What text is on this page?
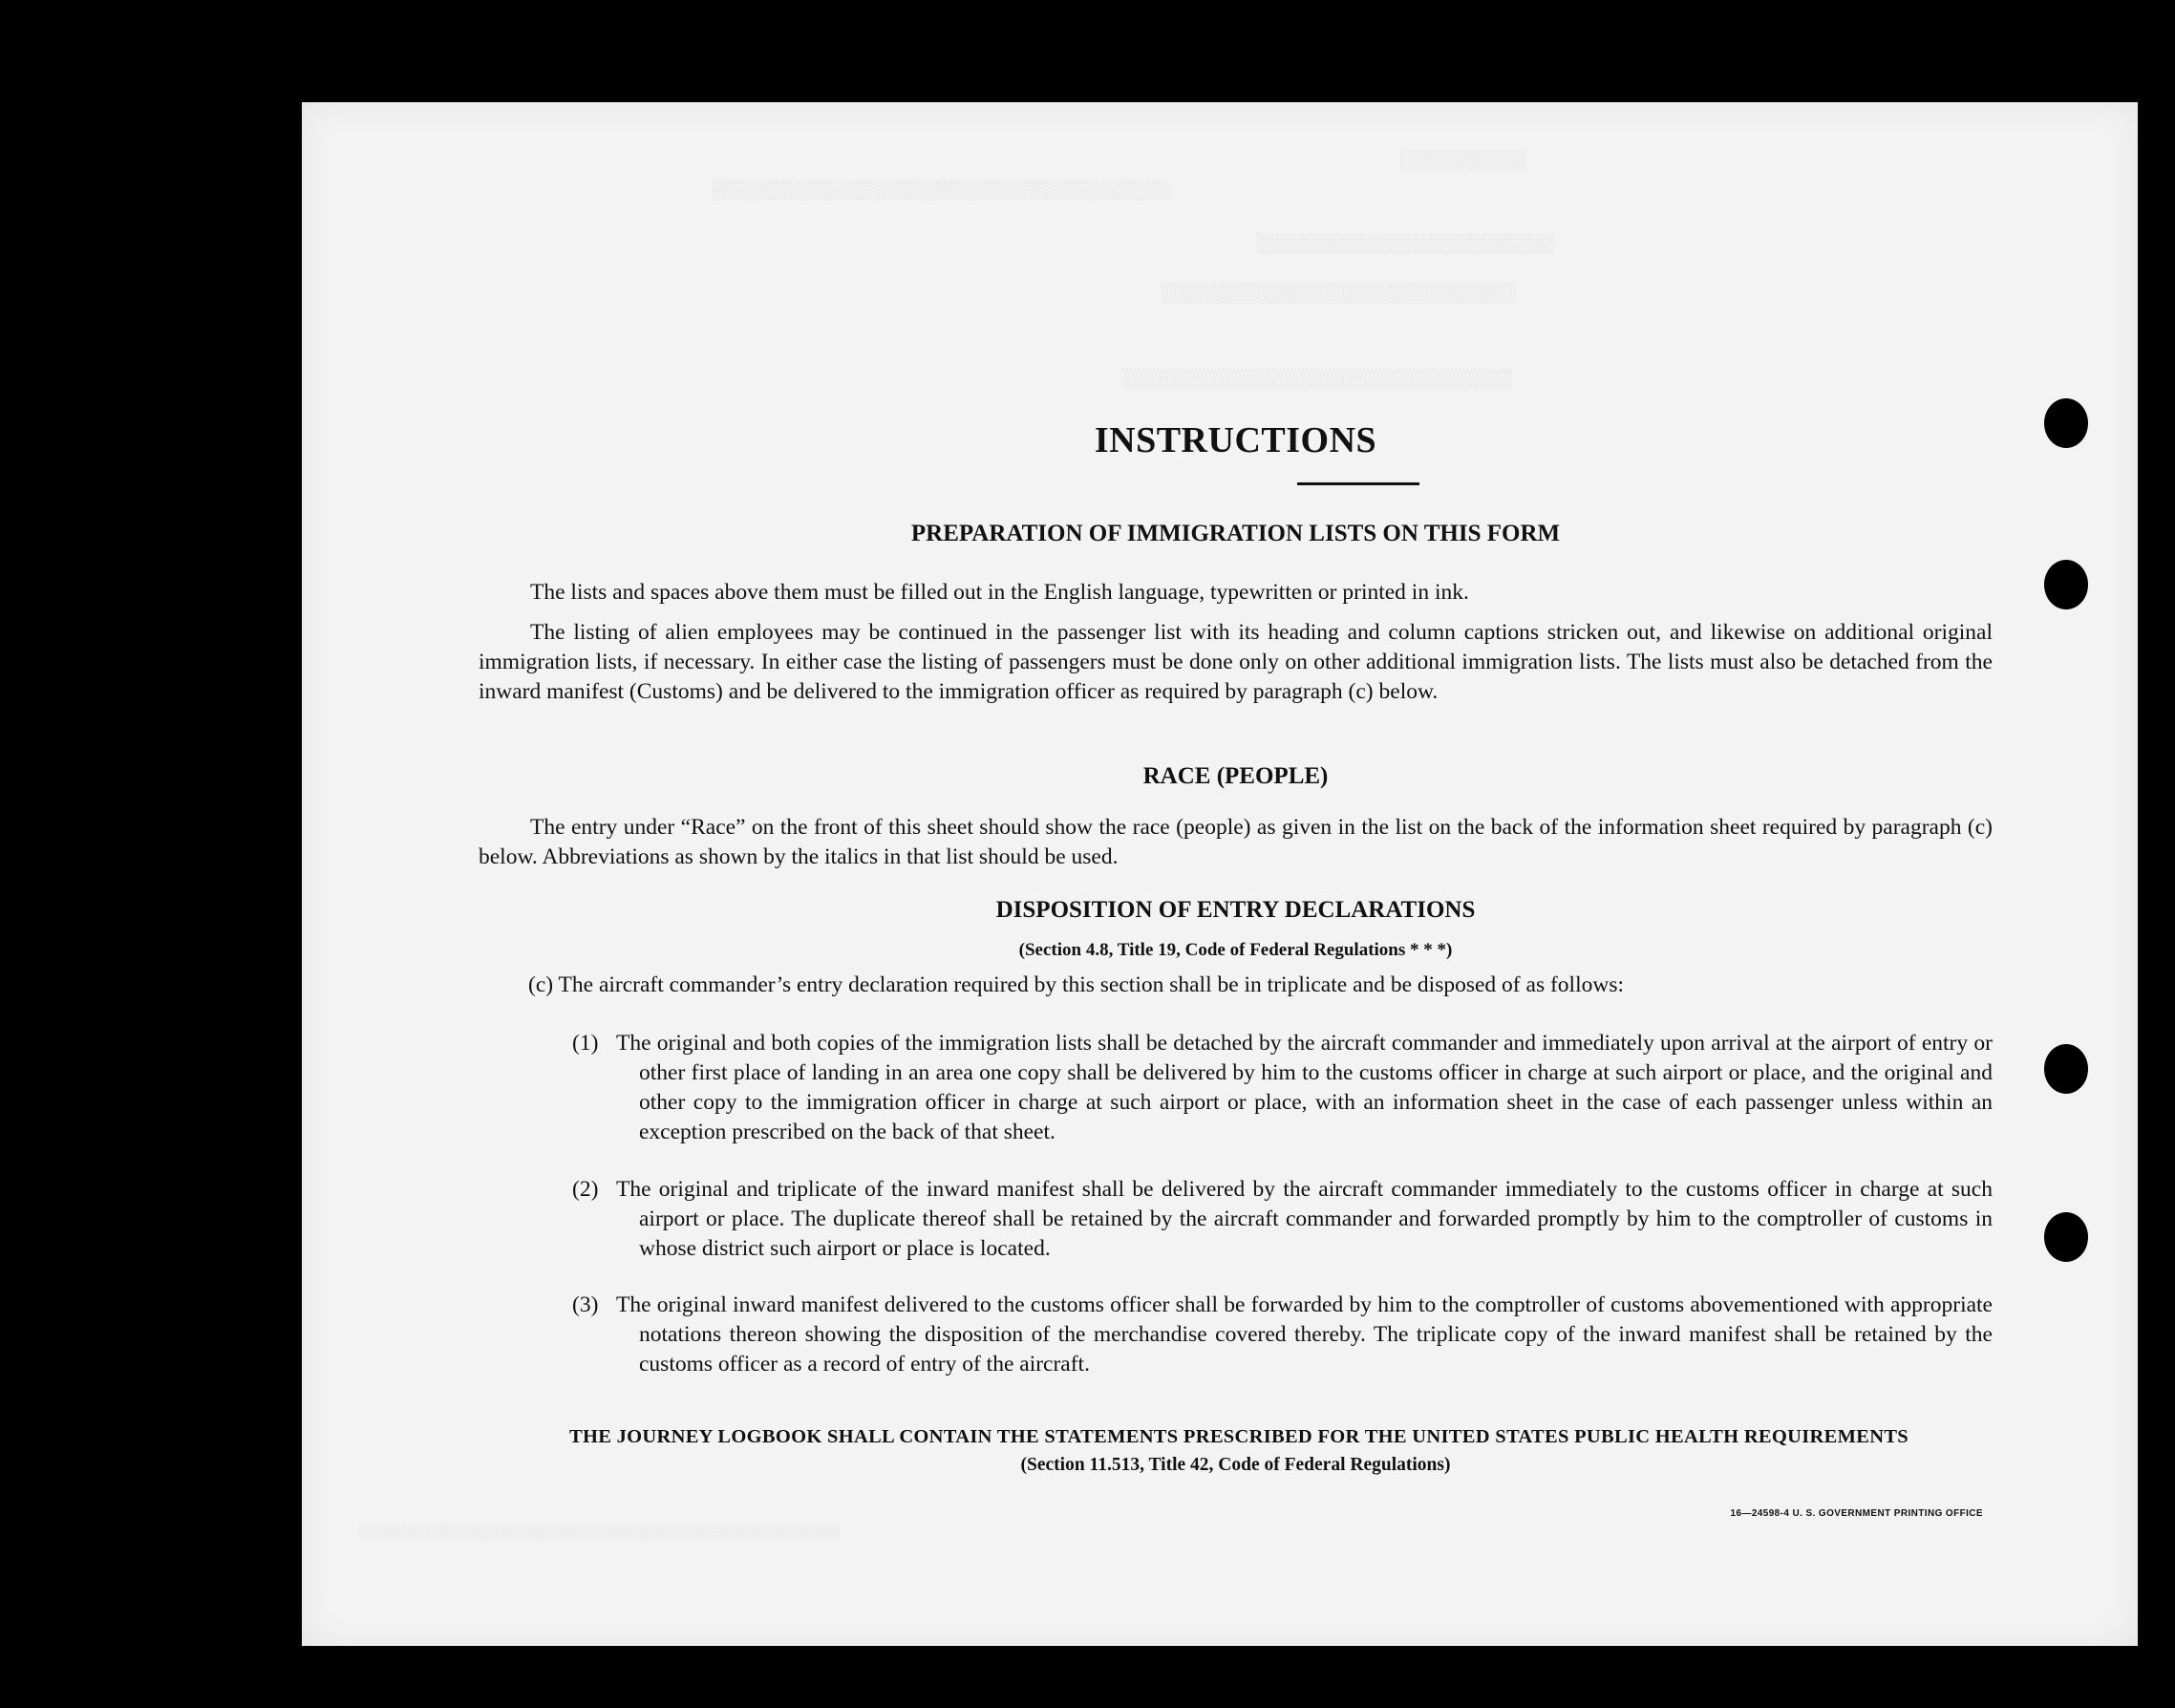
░░░░░░░░░░░
░░░░░░░░░░░░░░░░░░░░░░░░░░░░░░░░░░░░░░░░
░░░░░░░░░░░░░░░░░░░░░░░░░░
░░░░░░░░░░░░░░░░░░░░░░░░░░░░░░░
░░░░░░░░░░░░░░░░░░░░░░░░░░░░░░░░░░
░░░░░░░░░░░░░░░░░░░░░░░░░░░░░░░░░░░░░░░░░░░░░░░░░░░░░░░░░░░░
INSTRUCTIONS
PREPARATION OF IMMIGRATION LISTS ON THIS FORM

The lists and spaces above them must be filled out in the English language, typewritten or printed in ink.

The listing of alien employees may be continued in the passenger list with its heading and column captions stricken out, and likewise on additional original immigration lists, if necessary. In either case the listing of passengers must be done only on other additional immigration lists. The lists must also be detached from the inward manifest (Customs) and be delivered to the immigration officer as required by paragraph (c) below.

RACE (PEOPLE)

The entry under “Race” on the front of this sheet should show the race (people) as given in the list on the back of the information sheet required by paragraph (c) below. Abbreviations as shown by the italics in that list should be used.

DISPOSITION OF ENTRY DECLARATIONS

(Section 4.8, Title 19, Code of Federal Regulations * * *)

(c) The aircraft commander’s entry declaration required by this section shall be in triplicate and be disposed of as follows:

(1) The original and both copies of the immigration lists shall be detached by the aircraft commander and immediately upon arrival at the airport of entry or other first place of landing in an area one copy shall be delivered by him to the customs officer in charge at such airport or place, and the original and other copy to the immigration officer in charge at such airport or place, with an information sheet in the case of each passenger unless within an exception prescribed on the back of that sheet.
(2) The original and triplicate of the inward manifest shall be delivered by the aircraft commander immediately to the customs officer in charge at such airport or place. The duplicate thereof shall be retained by the aircraft commander and forwarded promptly by him to the comptroller of customs in whose district such airport or place is located.
(3) The original inward manifest delivered to the customs officer shall be forwarded by him to the comptroller of customs abovementioned with appropriate notations thereon showing the disposition of the merchandise covered thereby. The triplicate copy of the inward manifest shall be retained by the customs officer as a record of entry of the aircraft.

THE JOURNEY LOGBOOK SHALL CONTAIN THE STATEMENTS PRESCRIBED FOR THE UNITED STATES PUBLIC HEALTH REQUIREMENTS

(Section 11.513, Title 42, Code of Federal Regulations)

16—24598-4 U. S. GOVERNMENT PRINTING OFFICE
